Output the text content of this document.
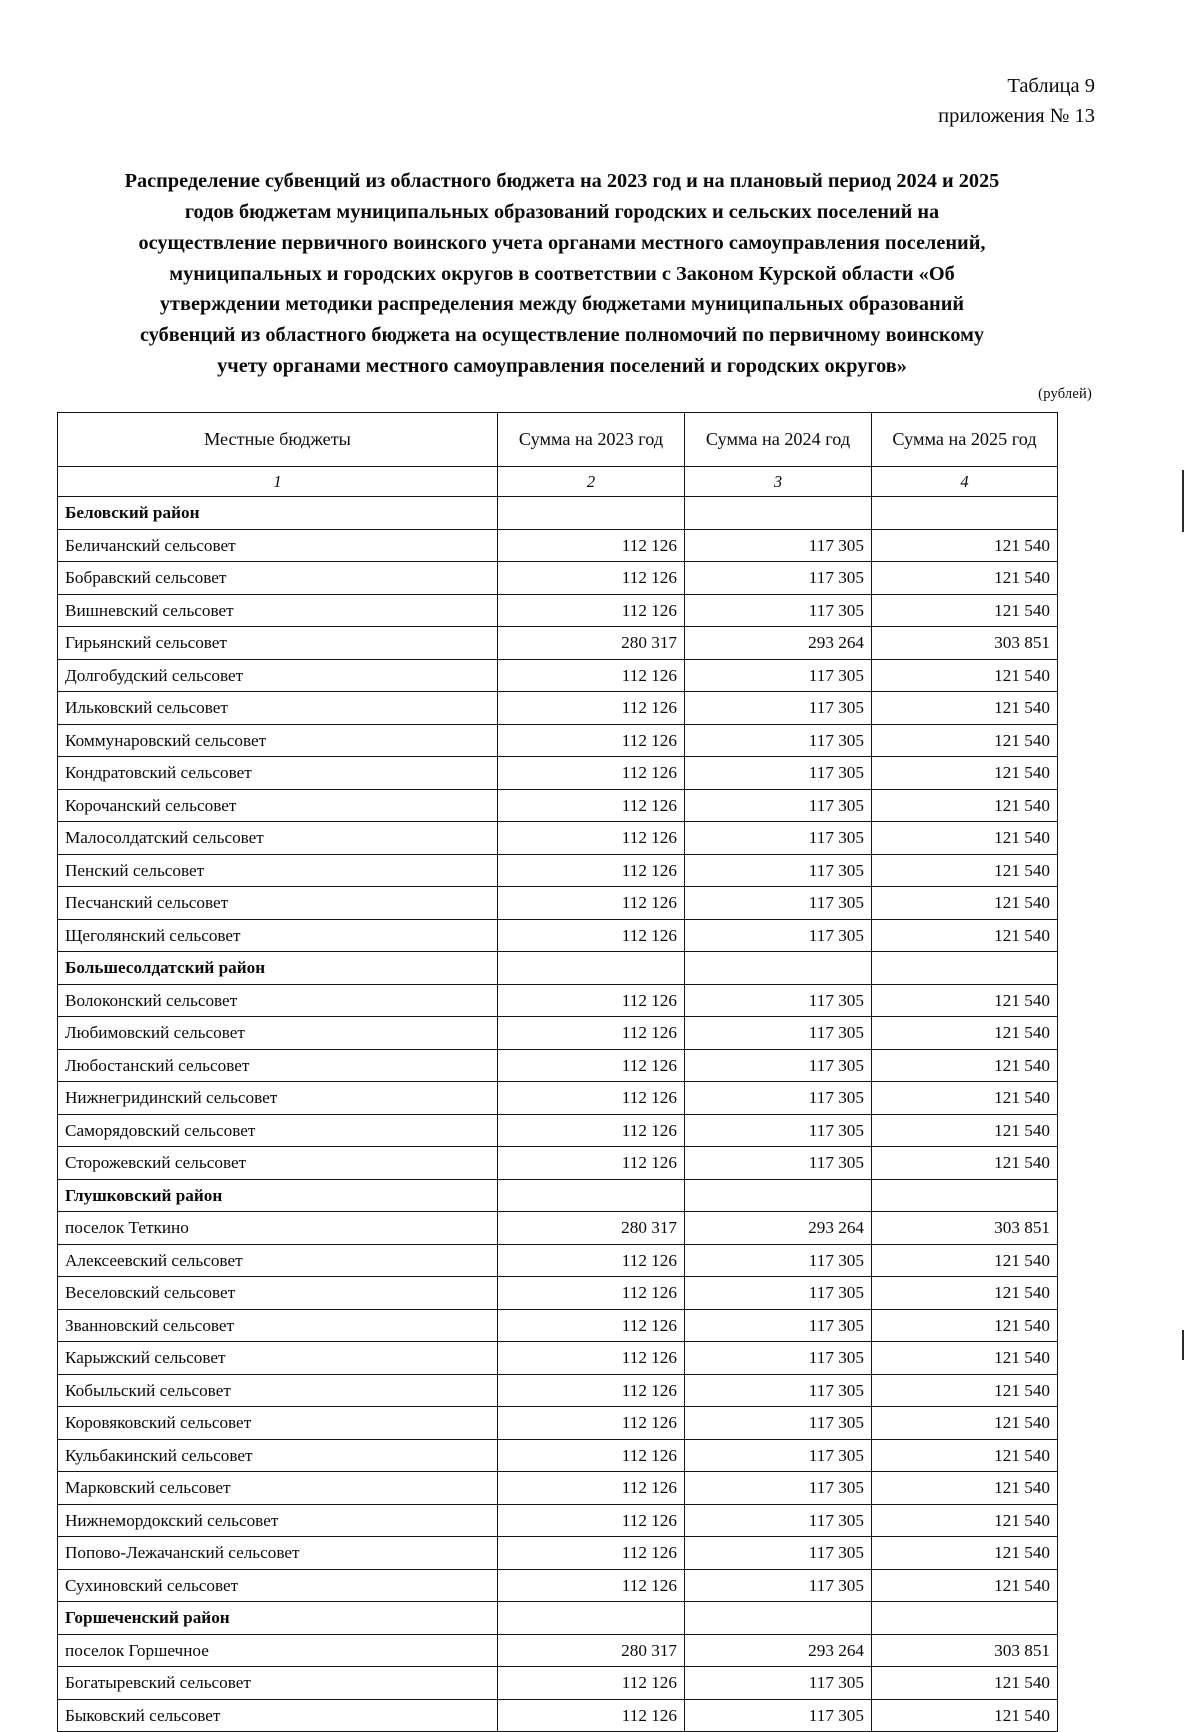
Таблица 9
приложения № 13
Распределение субвенций из областного бюджета на 2023 год и на плановый период 2024 и 2025
годов бюджетам муниципальных образований городских и сельских поселений на
осуществление первичного воинского учета органами местного самоуправления поселений,
муниципальных и городских округов в соответствии с Законом Курской области «Об
утверждении методики распределения между бюджетами муниципальных образований
субвенций из областного бюджета на осуществление полномочий по первичному воинскому
учету органами местного самоуправления поселений и городских округов»
(рублей)
Местные бюджеты	Сумма на 2023 год	Сумма на 2024 год	Сумма на 2025 год
1	2	3	4
Беловский район			
Беличанский сельсовет	112 126	117 305	121 540
Бобравский сельсовет	112 126	117 305	121 540
Вишневский сельсовет	112 126	117 305	121 540
Гирьянский сельсовет	280 317	293 264	303 851
Долгобудский сельсовет	112 126	117 305	121 540
Ильковский сельсовет	112 126	117 305	121 540
Коммунаровский сельсовет	112 126	117 305	121 540
Кондратовский сельсовет	112 126	117 305	121 540
Корочанский сельсовет	112 126	117 305	121 540
Малосолдатский сельсовет	112 126	117 305	121 540
Пенский сельсовет	112 126	117 305	121 540
Песчанский сельсовет	112 126	117 305	121 540
Щеголянский сельсовет	112 126	117 305	121 540
Большесолдатский район			
Волоконский сельсовет	112 126	117 305	121 540
Любимовский сельсовет	112 126	117 305	121 540
Любостанский сельсовет	112 126	117 305	121 540
Нижнегридинский сельсовет	112 126	117 305	121 540
Саморядовский сельсовет	112 126	117 305	121 540
Сторожевский сельсовет	112 126	117 305	121 540
Глушковский район			
поселок Теткино	280 317	293 264	303 851
Алексеевский сельсовет	112 126	117 305	121 540
Веселовский сельсовет	112 126	117 305	121 540
Званновский сельсовет	112 126	117 305	121 540
Карыжский сельсовет	112 126	117 305	121 540
Кобыльский сельсовет	112 126	117 305	121 540
Коровяковский сельсовет	112 126	117 305	121 540
Кульбакинский сельсовет	112 126	117 305	121 540
Марковский сельсовет	112 126	117 305	121 540
Нижнемордокский сельсовет	112 126	117 305	121 540
Попово-Лежачанский сельсовет	112 126	117 305	121 540
Сухиновский сельсовет	112 126	117 305	121 540
Горшеченский район			
поселок Горшечное	280 317	293 264	303 851
Богатыревский сельсовет	112 126	117 305	121 540
Быковский сельсовет	112 126	117 305	121 540
